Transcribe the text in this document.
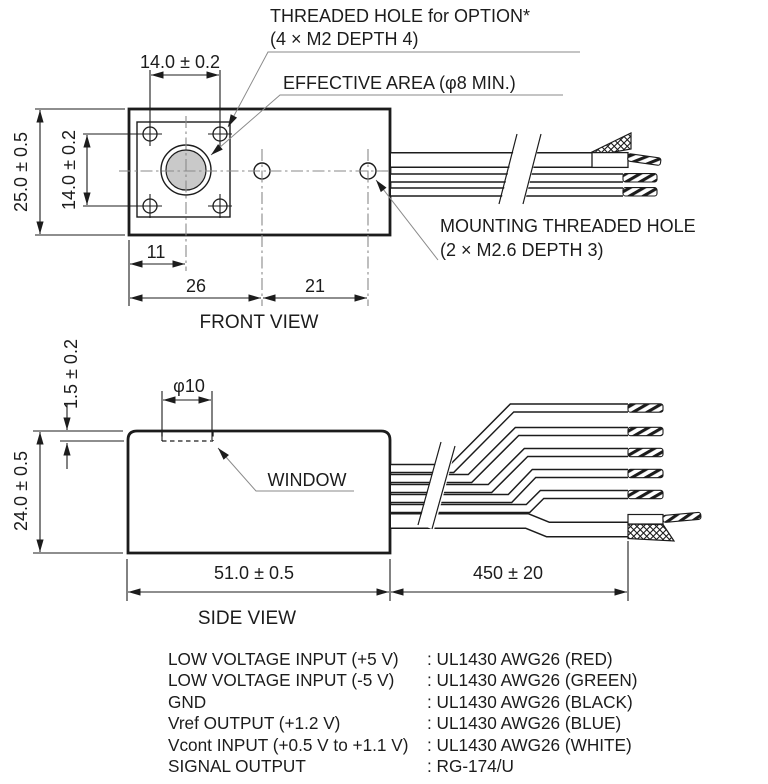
THREADED HOLE for OPTION*
(4 × M2 DEPTH 4)
EFFECTIVE AREA (φ8 MIN.)
MOUNTING THREADED HOLE
(2 × M2.6 DEPTH 3)
14.0 ± 0.2
25.0 ± 0.5 14.0 ± 0.2
11
26	21
FRONT VIEW
1.5 ± 0.2
24.0 ± 0.5
φ10
WINDOW
51.0 ± 0.5	450 ± 20
SIDE VIEW
LOW VOLTAGE INPUT (+5 V)	: UL1430 AWG26 (RED)
LOW VOLTAGE INPUT (-5 V)	: UL1430 AWG26 (GREEN)
GND	: UL1430 AWG26 (BLACK)
Vref OUTPUT (+1.2 V)	: UL1430 AWG26 (BLUE)
Vcont INPUT (+0.5 V to +1.1 V)	: UL1430 AWG26 (WHITE)
SIGNAL OUTPUT	: RG-174/U
